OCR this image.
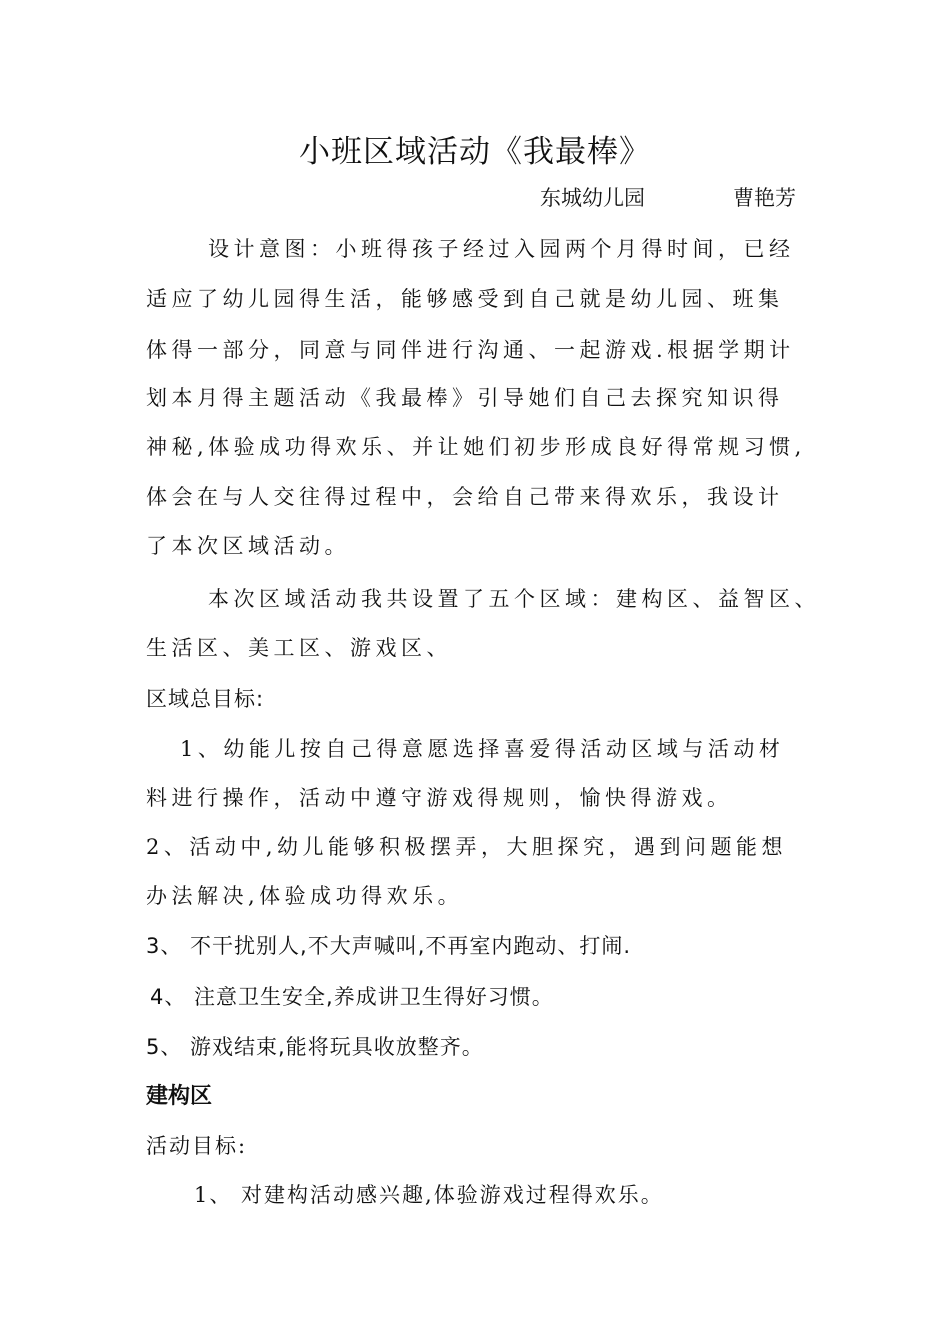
小班区域活动《我最棒》
东城幼儿园	曹艳芳
设计意图：小班得孩子经过入园两个月得时间，已经
适应了幼儿园得生活，能够感受到自己就是幼儿园、班集
体得一部分，同意与同伴进行沟通、一起游戏.根据学期计
划本月得主题活动《我最棒》引导她们自己去探究知识得
神秘,体验成功得欢乐、并让她们初步形成良好得常规习惯,
体会在与人交往得过程中，会给自己带来得欢乐，我设计
了本次区域活动。
本次区域活动我共设置了五个区域：建构区、益智区、
生活区、美工区、游戏区、
区域总目标:
1、幼能儿按自己得意愿选择喜爱得活动区域与活动材
料进行操作，活动中遵守游戏得规则，愉快得游戏。
2、活动中,幼儿能够积极摆弄，大胆探究，遇到问题能想
办法解决,体验成功得欢乐。
3、 不干扰别人,不大声喊叫,不再室内跑动、打闹.
4、 注意卫生安全,养成讲卫生得好习惯。
5、 游戏结束,能将玩具收放整齐。
建构区
活动目标:
1、 对建构活动感兴趣,体验游戏过程得欢乐。
